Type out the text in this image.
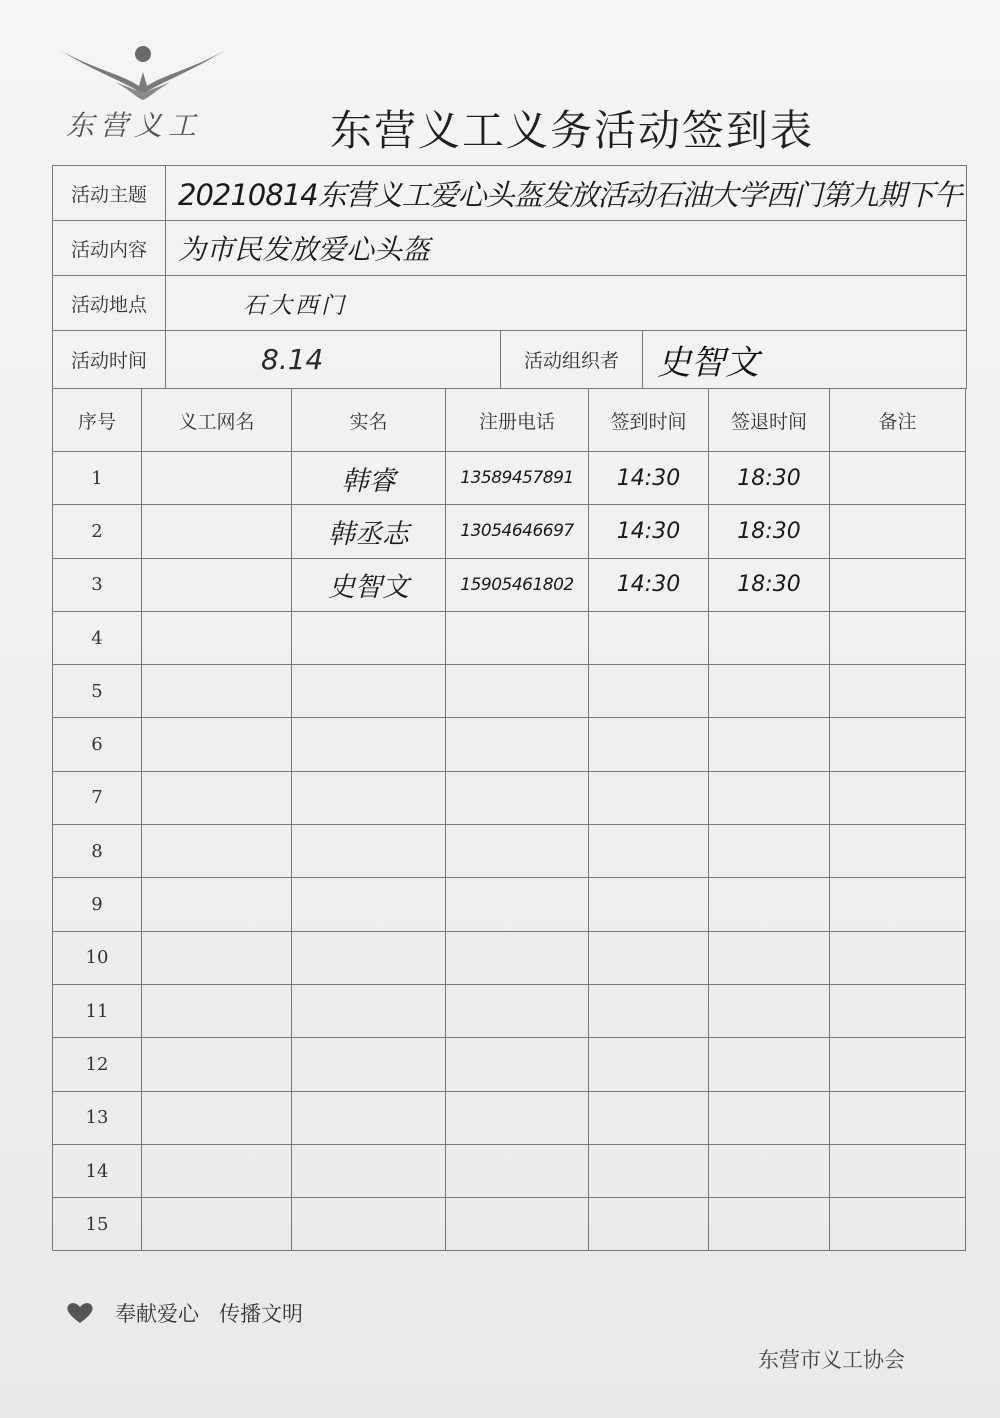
东营义工	东营义工义务活动签到表
活动主题	20210814东营义工爱心头盔发放活动石油大学西门第九期下午
活动内容	为市民发放爱心头盔
活动地点	石大西门
活动时间	8.14	活动组织者	史智文
序号	义工网名	实名	注册电话	签到时间	签退时间	备注
1		韩睿	13589457891	14:30	18:30	
2		韩丞志	13054646697	14:30	18:30	
3		史智文	15905461802	14:30	18:30	
4						
5						
6						
7						
8						
9						
10						
11						
12						
13						
14						
15						
奉献爱心 传播文明
东营市义工协会
